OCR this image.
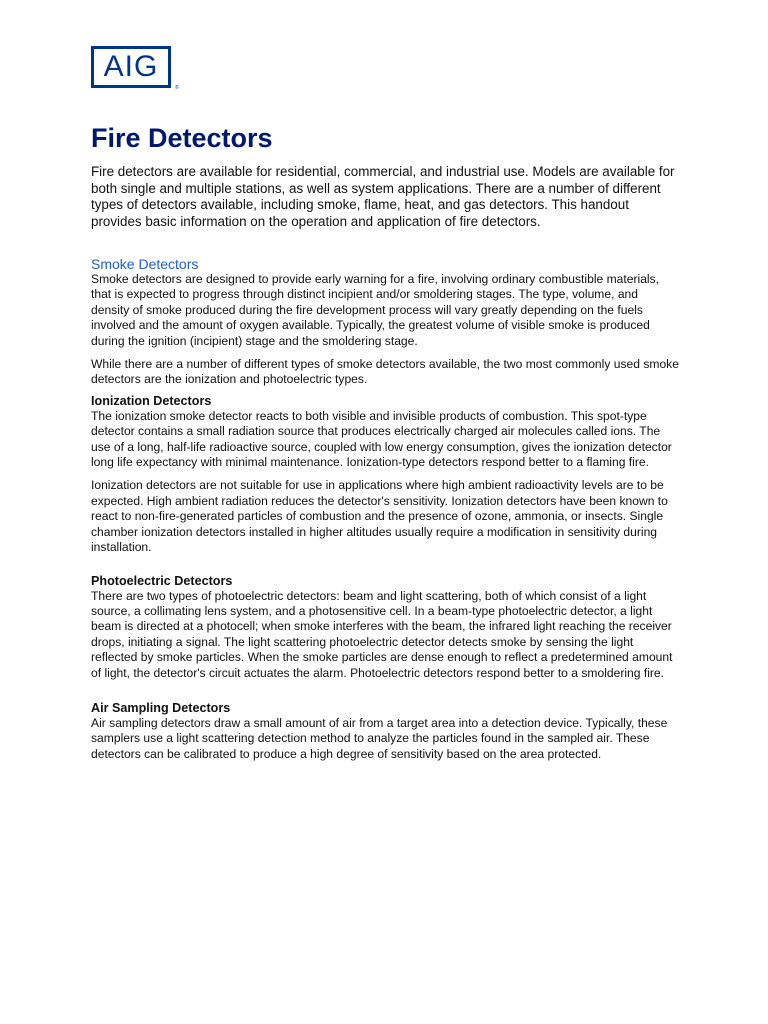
AIG
®
Fire Detectors

Fire detectors are available for residential, commercial, and industrial use. Models are available for both single and multiple stations, as well as system applications. There are a number of different types of detectors available, including smoke, flame, heat, and gas detectors. This handout provides basic information on the operation and application of fire detectors.

Smoke Detectors

Smoke detectors are designed to provide early warning for a fire, involving ordinary combustible materials, that is expected to progress through distinct incipient and/or smoldering stages. The type, volume, and density of smoke produced during the fire development process will vary greatly depending on the fuels involved and the amount of oxygen available. Typically, the greatest volume of visible smoke is produced during the ignition (incipient) stage and the smoldering stage.

While there are a number of different types of smoke detectors available, the two most commonly used smoke detectors are the ionization and photoelectric types.

Ionization Detectors

The ionization smoke detector reacts to both visible and invisible products of combustion. This spot-type detector contains a small radiation source that produces electrically charged air molecules called ions. The use of a long, half-life radioactive source, coupled with low energy consumption, gives the ionization detector long life expectancy with minimal maintenance. Ionization-type detectors respond better to a flaming fire.

Ionization detectors are not suitable for use in applications where high ambient radioactivity levels are to be expected. High ambient radiation reduces the detector's sensitivity. Ionization detectors have been known to react to non-fire-generated particles of combustion and the presence of ozone, ammonia, or insects. Single chamber ionization detectors installed in higher altitudes usually require a modification in sensitivity during installation.

Photoelectric Detectors

There are two types of photoelectric detectors: beam and light scattering, both of which consist of a light source, a collimating lens system, and a photosensitive cell. In a beam-type photoelectric detector, a light beam is directed at a photocell; when smoke interferes with the beam, the infrared light reaching the receiver drops, initiating a signal. The light scattering photoelectric detector detects smoke by sensing the light reflected by smoke particles. When the smoke particles are dense enough to reflect a predetermined amount of light, the detector's circuit actuates the alarm. Photoelectric detectors respond better to a smoldering fire.

Air Sampling Detectors

Air sampling detectors draw a small amount of air from a target area into a detection device. Typically, these samplers use a light scattering detection method to analyze the particles found in the sampled air. These detectors can be calibrated to produce a high degree of sensitivity based on the area protected.
